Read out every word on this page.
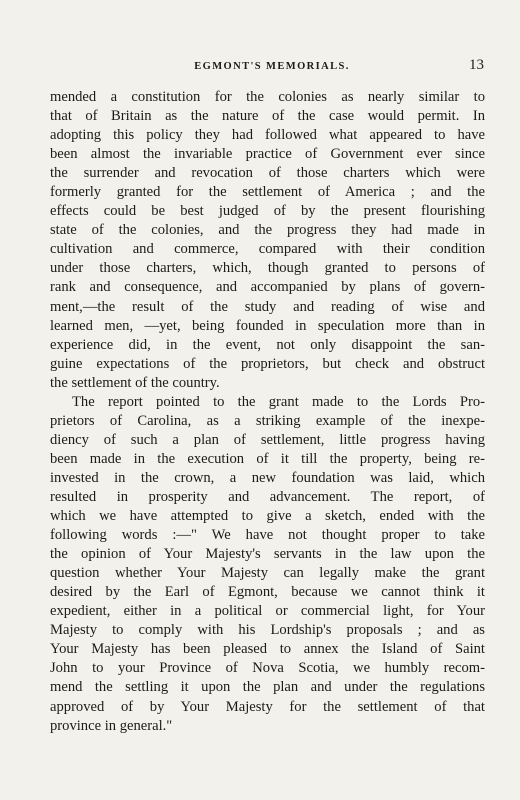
EGMONT'S MEMORIALS.	13
mended a constitution for the colonies as nearly similar to
that of Britain as the nature of the case would permit. In
adopting this policy they had followed what appeared to have
been almost the invariable practice of Government ever since
the surrender and revocation of those charters which were
formerly granted for the settlement of America ; and the
effects could be best judged of by the present flourishing
state of the colonies, and the progress they had made in
cultivation and commerce, compared with their condition
under those charters, which, though granted to persons of
rank and consequence, and accompanied by plans of govern-
ment,—the result of the study and reading of wise and
learned men, —yet, being founded in speculation more than in
experience did, in the event, not only disappoint the san-
guine expectations of the proprietors, but check and obstruct
the settlement of the country.
The report pointed to the grant made to the Lords Pro-
prietors of Carolina, as a striking example of the inexpe-
diency of such a plan of settlement, little progress having
been made in the execution of it till the property, being re-
invested in the crown, a new foundation was laid, which
resulted in prosperity and advancement. The report, of
which we have attempted to give a sketch, ended with the
following words :—" We have not thought proper to take
the opinion of Your Majesty's servants in the law upon the
question whether Your Majesty can legally make the grant
desired by the Earl of Egmont, because we cannot think it
expedient, either in a political or commercial light, for Your
Majesty to comply with his Lordship's proposals ; and as
Your Majesty has been pleased to annex the Island of Saint
John to your Province of Nova Scotia, we humbly recom-
mend the settling it upon the plan and under the regulations
approved of by Your Majesty for the settlement of that
province in general."
